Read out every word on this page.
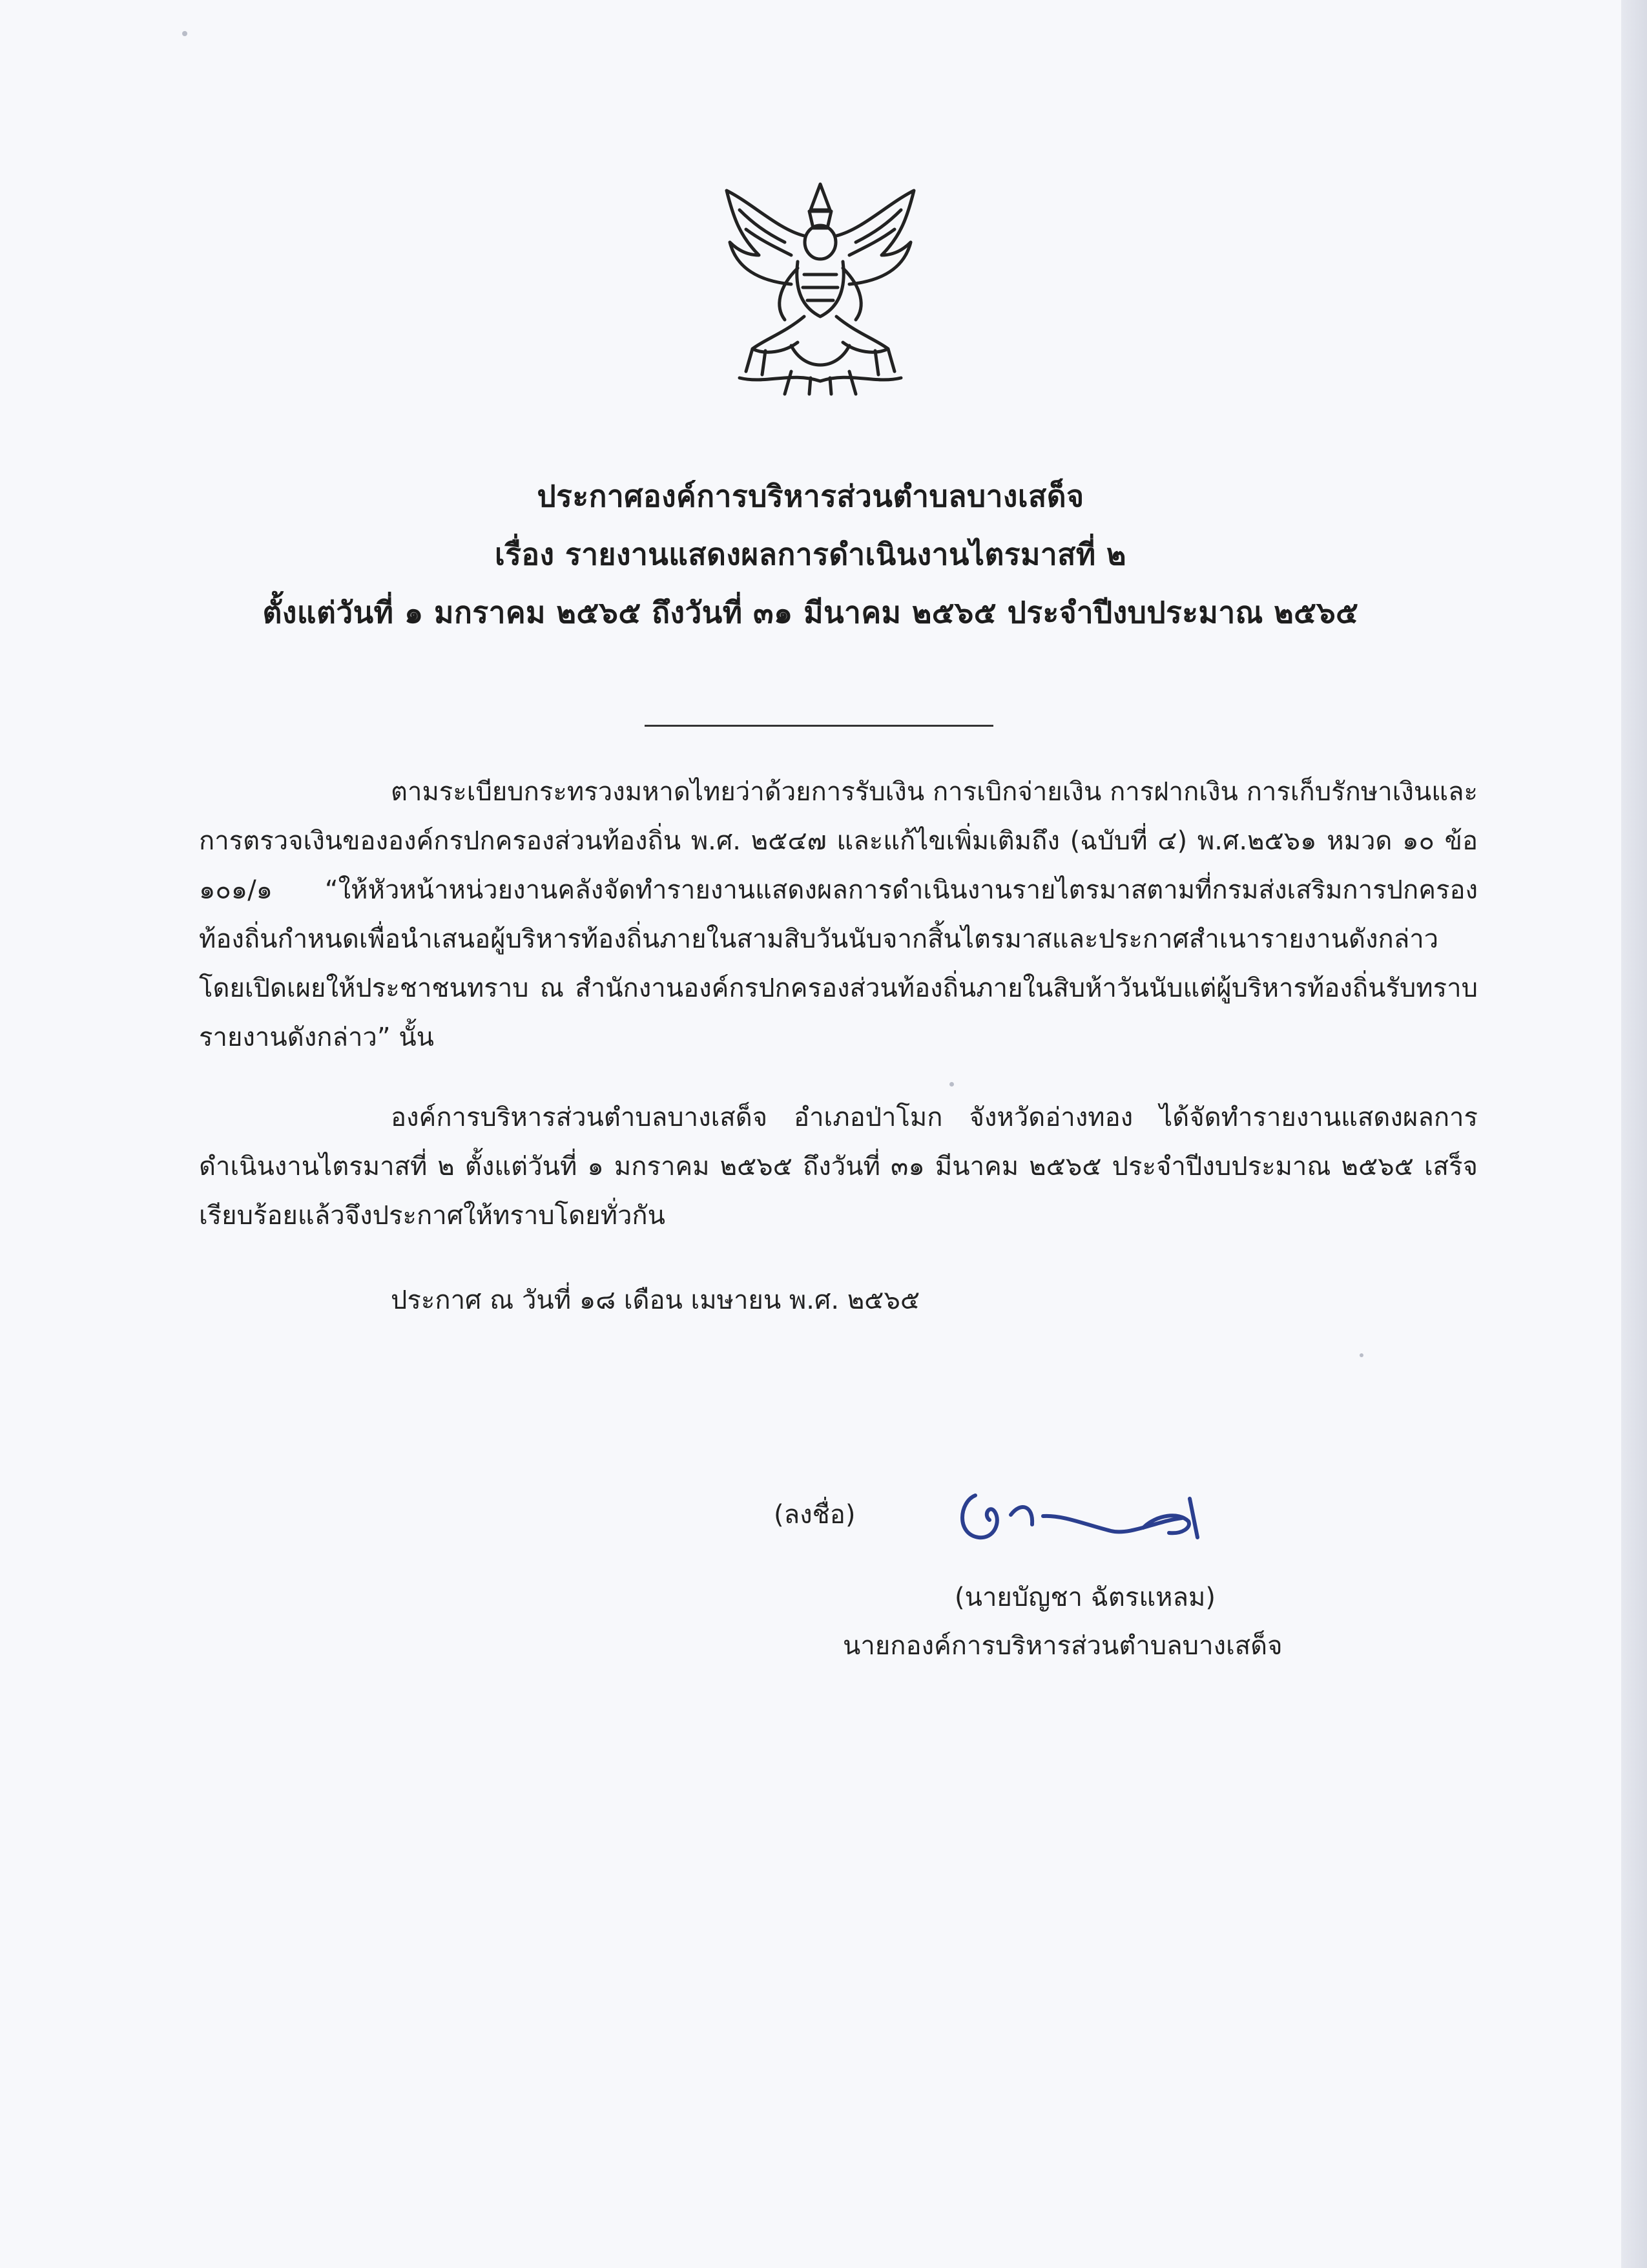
ประกาศองค์การบริหารส่วนตำบลบางเสด็จ
เรื่อง รายงานแสดงผลการดำเนินงานไตรมาสที่ ๒
ตั้งแต่วันที่ ๑ มกราคม ๒๕๖๕ ถึงวันที่ ๓๑ มีนาคม ๒๕๖๕ ประจำปีงบประมาณ ๒๕๖๕
ตามระเบียบกระทรวงมหาดไทยว่าด้วยการรับเงิน การเบิกจ่ายเงิน การฝากเงิน การเก็บรักษาเงินและการตรวจเงินขององค์กรปกครองส่วนท้องถิ่น พ.ศ. ๒๕๔๗ และแก้ไขเพิ่มเติมถึง (ฉบับที่ ๔) พ.ศ.๒๕๖๑ หมวด ๑๐ ข้อ ๑๐๑/๑ “ให้หัวหน้าหน่วยงานคลังจัดทำรายงานแสดงผลการดำเนินงานรายไตรมาสตามที่กรมส่งเสริมการปกครองท้องถิ่นกำหนดเพื่อนำเสนอผู้บริหารท้องถิ่นภายในสามสิบวันนับจากสิ้นไตรมาสและประกาศสำเนารายงานดังกล่าวโดยเปิดเผยให้ประชาชนทราบ ณ สำนักงานองค์กรปกครองส่วนท้องถิ่นภายในสิบห้าวันนับแต่ผู้บริหารท้องถิ่นรับทราบรายงานดังกล่าว” นั้น
องค์การบริหารส่วนตำบลบางเสด็จ อำเภอป่าโมก จังหวัดอ่างทอง ได้จัดทำรายงานแสดงผลการดำเนินงานไตรมาสที่ ๒ ตั้งแต่วันที่ ๑ มกราคม ๒๕๖๕ ถึงวันที่ ๓๑ มีนาคม ๒๕๖๕ ประจำปีงบประมาณ ๒๕๖๕ เสร็จเรียบร้อยแล้วจึงประกาศให้ทราบโดยทั่วกัน
ประกาศ ณ วันที่ ๑๘ เดือน เมษายน พ.ศ. ๒๕๖๕
(ลงชื่อ)
(นายบัญชา ฉัตรแหลม)
นายกองค์การบริหารส่วนตำบลบางเสด็จ
